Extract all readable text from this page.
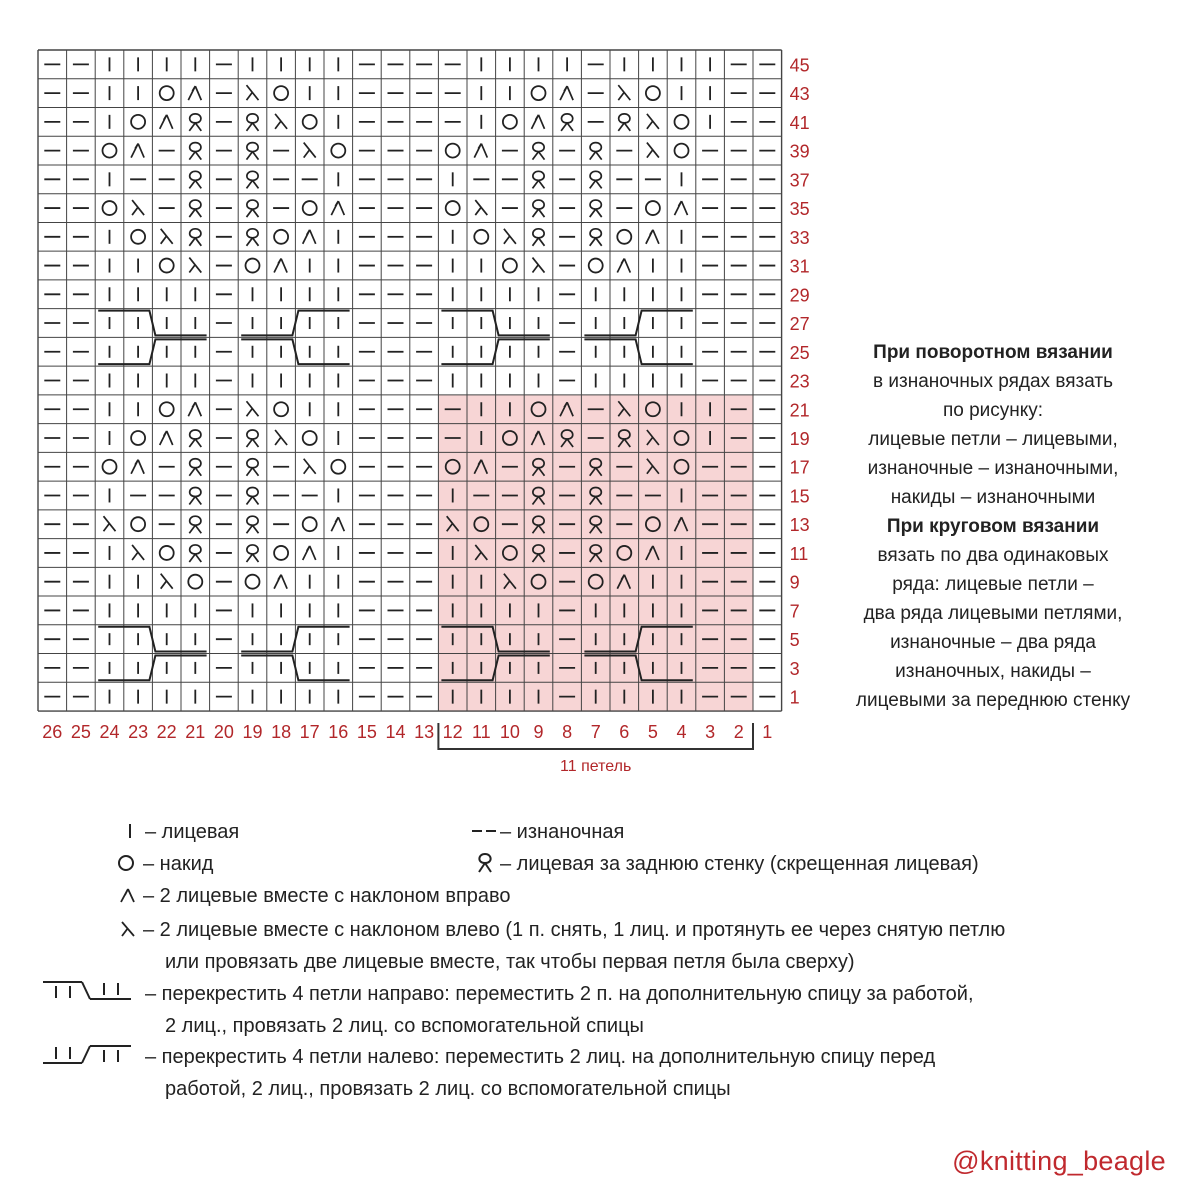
45
43
41
39
37
35
33
31
29
27
25
23
21
19
17
15
13
11
9
7
5
3
1
26 25 24 23 22 21 20 19 18 17 16 15 14 13 12 11 10 9 8 7 6 5 4 3 2 1
11 петель
При поворотном вязании
в изнаночных рядах вязать
по рисунку:
лицевые петли – лицевыми,
изнаночные – изнаночными,
накиды – изнаночными
При круговом вязании
вязать по два одинаковых
ряда: лицевые петли –
два ряда лицевыми петлями,
изнаночные – два ряда
изнаночных, накиды –
лицевыми за переднюю стенку
– лицевая	– изнаночная
– накид	– лицевая за заднюю стенку (скрещенная лицевая)
– 2 лицевые вместе с наклоном вправо
– 2 лицевые вместе с наклоном влево (1 п. снять, 1 лиц. и протянуть ее через снятую петлю
или провязать две лицевые вместе, так чтобы первая петля была сверху)
– перекрестить 4 петли направо: переместить 2 п. на дополнительную спицу за работой,
2 лиц., провязать 2 лиц. со вспомогательной спицы
– перекрестить 4 петли налево: переместить 2 лиц. на дополнительную спицу перед
работой, 2 лиц., провязать 2 лиц. со вспомогательной спицы
@knitting_beagle
